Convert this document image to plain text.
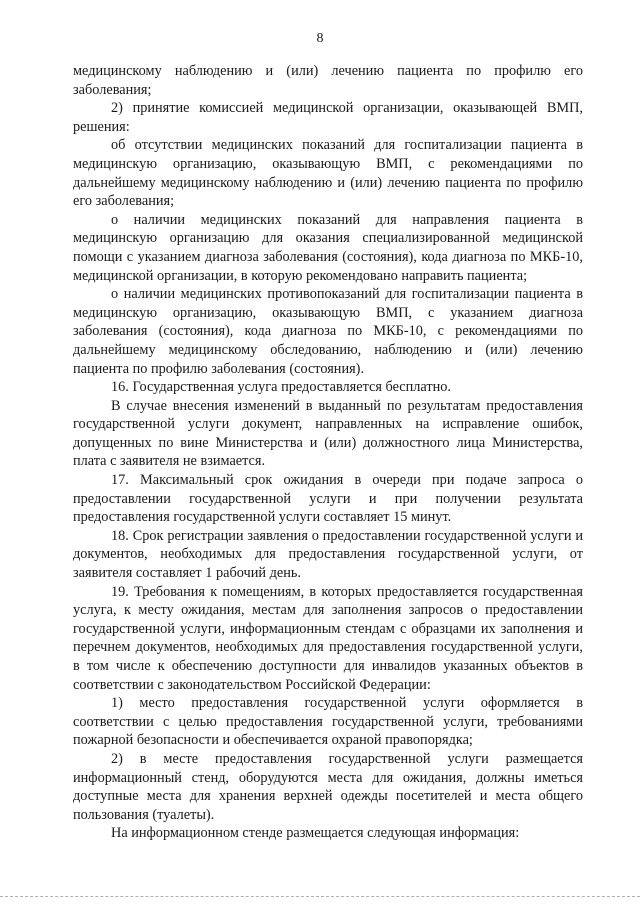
8

медицинскому наблюдению и (или) лечению пациента по профилю его заболевания;

2) принятие комиссией медицинской организации, оказывающей ВМП, решения:

об отсутствии медицинских показаний для госпитализации пациента в медицинскую организацию, оказывающую ВМП, с рекомендациями по дальнейшему медицинскому наблюдению и (или) лечению пациента по профилю его заболевания;

о наличии медицинских показаний для направления пациента в медицинскую организацию для оказания специализированной медицинской помощи с указанием диагноза заболевания (состояния), кода диагноза по МКБ-10, медицинской организации, в которую рекомендовано направить пациента;

о наличии медицинских противопоказаний для госпитализации пациента в медицинскую организацию, оказывающую ВМП, с указанием диагноза заболевания (состояния), кода диагноза по МКБ-10, с рекомендациями по дальнейшему медицинскому обследованию, наблюдению и (или) лечению пациента по профилю заболевания (состояния).

16. Государственная услуга предоставляется бесплатно.

В случае внесения изменений в выданный по результатам предоставления государственной услуги документ, направленных на исправление ошибок, допущенных по вине Министерства и (или) должностного лица Министерства, плата с заявителя не взимается.

17. Максимальный срок ожидания в очереди при подаче запроса о предоставлении государственной услуги и при получении результата предоставления государственной услуги составляет 15 минут.

18. Срок регистрации заявления о предоставлении государственной услуги и документов, необходимых для предоставления государственной услуги, от заявителя составляет 1 рабочий день.

19. Требования к помещениям, в которых предоставляется государственная услуга, к месту ожидания, местам для заполнения запросов о предоставлении государственной услуги, информационным стендам с образцами их заполнения и перечнем документов, необходимых для предоставления государственной услуги, в том числе к обеспечению доступности для инвалидов указанных объектов в соответствии с законодательством Российской Федерации:

1) место предоставления государственной услуги оформляется в соответствии с целью предоставления государственной услуги, требованиями пожарной безопасности и обеспечивается охраной правопорядка;

2) в месте предоставления государственной услуги размещается информационный стенд, оборудуются места для ожидания, должны иметься доступные места для хранения верхней одежды посетителей и места общего пользования (туалеты).

На информационном стенде размещается следующая информация:
